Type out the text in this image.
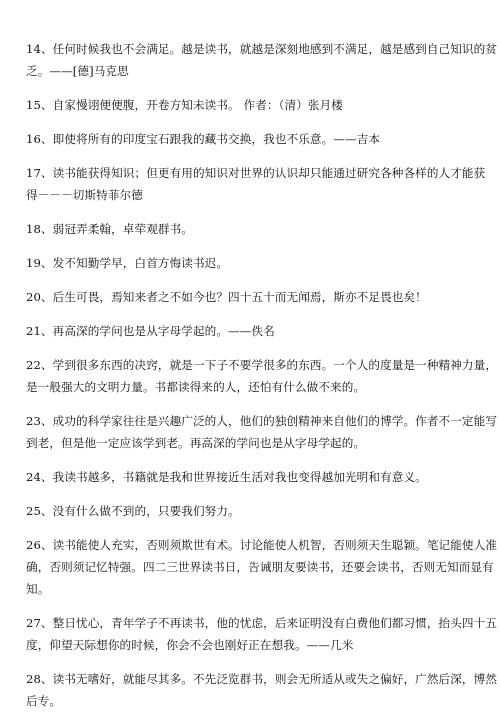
14、任何时候我也不会满足。越是读书，就越是深刻地感到不满足，越是感到自己知识的贫
乏。——[德]马克思
15、自家慢诩便便腹，开卷方知未读书。 作者：（清）张月楼
16、即使将所有的印度宝石跟我的藏书交换，我也不乐意。——吉本
17、读书能获得知识；但更有用的知识对世界的认识却只能通过研究各种各样的人才能获
得－－－切斯特菲尔德
18、弱冠弄柔翰，卓荦观群书。
19、发不知勤学早，白首方悔读书迟。
20、后生可畏，焉知来者之不如今也？四十五十而无闻焉，斯亦不足畏也矣！
21、再高深的学问也是从字母学起的。——佚名
22、学到很多东西的决窍，就是一下子不要学很多的东西。一个人的度量是一种精神力量，
是一般强大的文明力量。书都读得来的人，还怕有什么做不来的。
23、成功的科学家往往是兴趣广泛的人，他们的独创精神来自他们的博学。作者不一定能写
到老，但是他一定应该学到老。再高深的学问也是从字母学起的。
24、我读书越多，书籍就是我和世界接近生活对我也变得越加光明和有意义。
25、没有什么做不到的，只要我们努力。
26、读书能使人充实，否则须欺世有术。讨论能使人机智，否则须天生聪颖。笔记能使人准
确，否则须记忆特强。四二三世界读书日，告诫朋友要读书，还要会读书，否则无知而显有
知。
27、整日忧心，青年学子不再读书，他的忧虑，后来证明没有白费他们都习惯，抬头四十五
度，仰望天际想你的时候，你会不会也刚好正在想我。——几米
28、读书无嗜好，就能尽其多。不先泛览群书，则会无所适从或失之偏好，广然后深，博然
后专。
